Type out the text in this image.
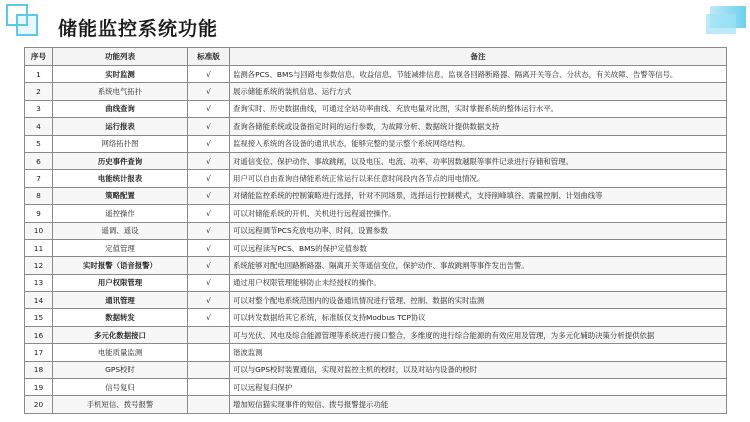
储能监控系统功能
序号	功能列表	标准版	备注
1	实时监测	√	监测各PCS、BMS与回路电参数信息、收益信息、节能减排信息，监视各回路断路器、隔离开关等合、分状态，有关故障、告警等信号。
2	系统电气拓扑	√	展示储能系统的装机信息、运行方式
3	曲线查询	√	查询实时、历史数据曲线，可通过全站功率曲线、充放电量对比图，实时掌握系统的整体运行水平。
4	运行报表	√	查询各储能系统或设备指定时间的运行参数，为故障分析、数据统计提供数据支持
5	网络拓扑图	√	监视接入系统的各设备的通讯状态，能够完整的显示整个系统网络结构。
6	历史事件查询	√	对遥信变位、保护动作、事故跳闸，以及电压、电流、功率、功率因数越限等事件记录进行存储和管理。
7	电能统计报表	√	用户可以自由查询自储能系统正常运行以来任意时间段内各节点的用电情况。
8	策略配置	√	对储能监控系统的控制策略进行选择，针对不同场景，选择运行控制模式，支持削峰填谷、需量控制、计划曲线等
9	遥控操作	√	可以对储能系统的开机、关机进行远程遥控操作。
10	遥调、遥设	√	可以远程调节PCS充放电功率、时间，设置参数
11	定值管理	√	可以远程读写PCS、BMS的保护定值参数
12	实时报警（语音报警）	√	系统能够对配电回路断路器、隔离开关等遥信变位，保护动作、事故跳闸等事件发出告警。
13	用户权限管理	√	通过用户权限管理能够防止未经授权的操作。
14	通讯管理	√	可以对整个配电系统范围内的设备通讯情况进行管理、控制、数据的实时监测
15	数据转发	√	可以转发数据给其它系统，标准版仅支持Modbus TCP协议
16	多元化数据接口		可与光伏、风电及综合能源管理等系统进行接口整合，多维度的进行综合能源的有效应用及管理，为多元化辅助决策分析提供依据
17	电能质量监测		谐波监测
18	GPS校时		可以与GPS校时装置通信，实现对监控主机的校时，以及对站内设备的校时
19	信号复归		可以远程复归保护
20	手机短信、拨号报警		增加短信猫实现事件的短信、拨号报警提示功能
